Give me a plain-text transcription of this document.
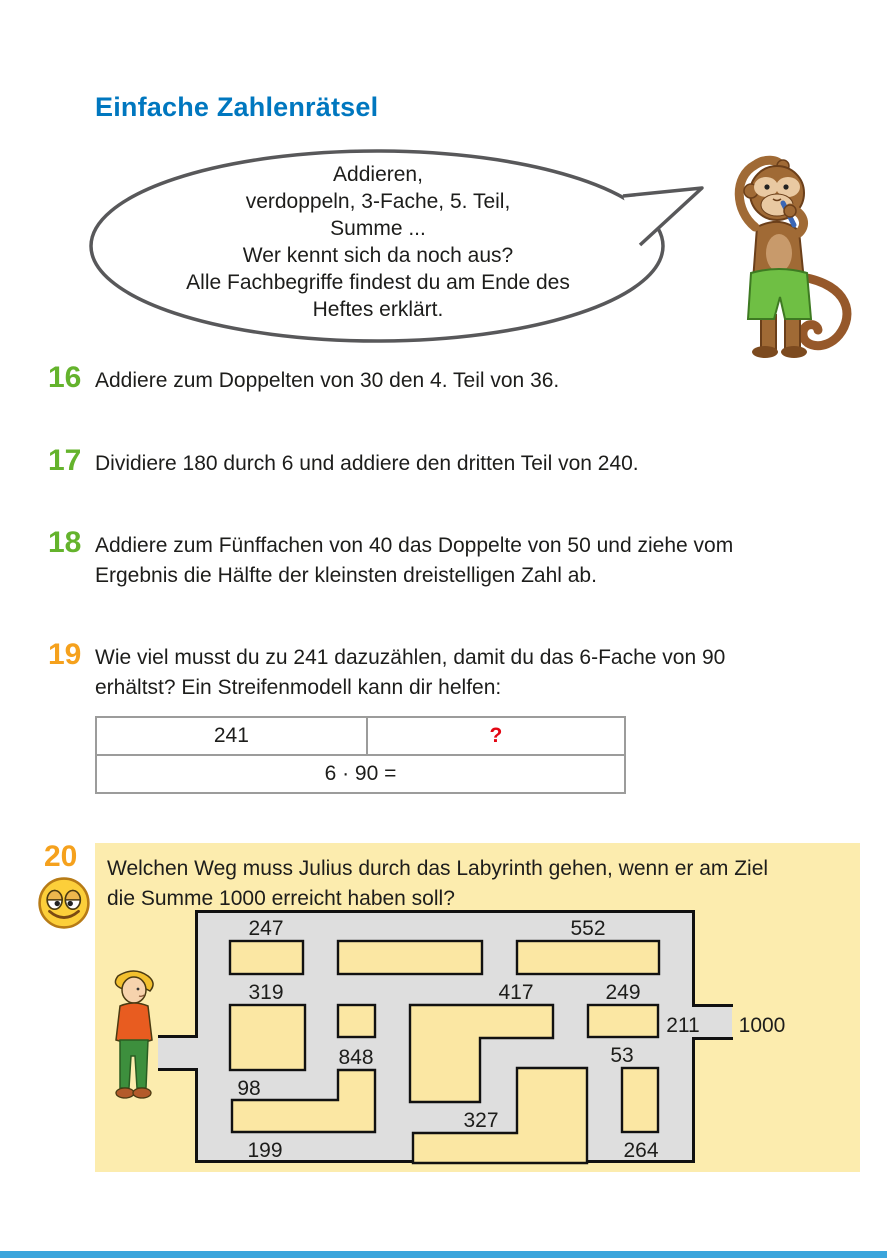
Einfache Zahlenrätsel
Addieren,
verdoppeln, 3-Fache, 5. Teil,
Summe ...
Wer kennt sich da noch aus?
Alle Fachbegriffe findest du am Ende des
Heftes erklärt.
16 Addiere zum Doppelten von 30 den 4. Teil von 36.
17 Dividiere 180 durch 6 und addiere den dritten Teil von 240.
18 Addiere zum Fünffachen von 40 das Doppelte von 50 und ziehe vom Ergebnis die Hälfte der kleinsten dreistelligen Zahl ab.
19 Wie viel musst du zu 241 dazuzählen, damit du das 6-Fache von 90 erhältst? Ein Streifenmodell kann dir helfen:
241	?
6 · 90 =
20 Welchen Weg muss Julius durch das Labyrinth gehen, wenn er am Ziel die Summe 1000 erreicht haben soll?
247	552
319	417	249
211
848	53
98
327
199	264
1000
